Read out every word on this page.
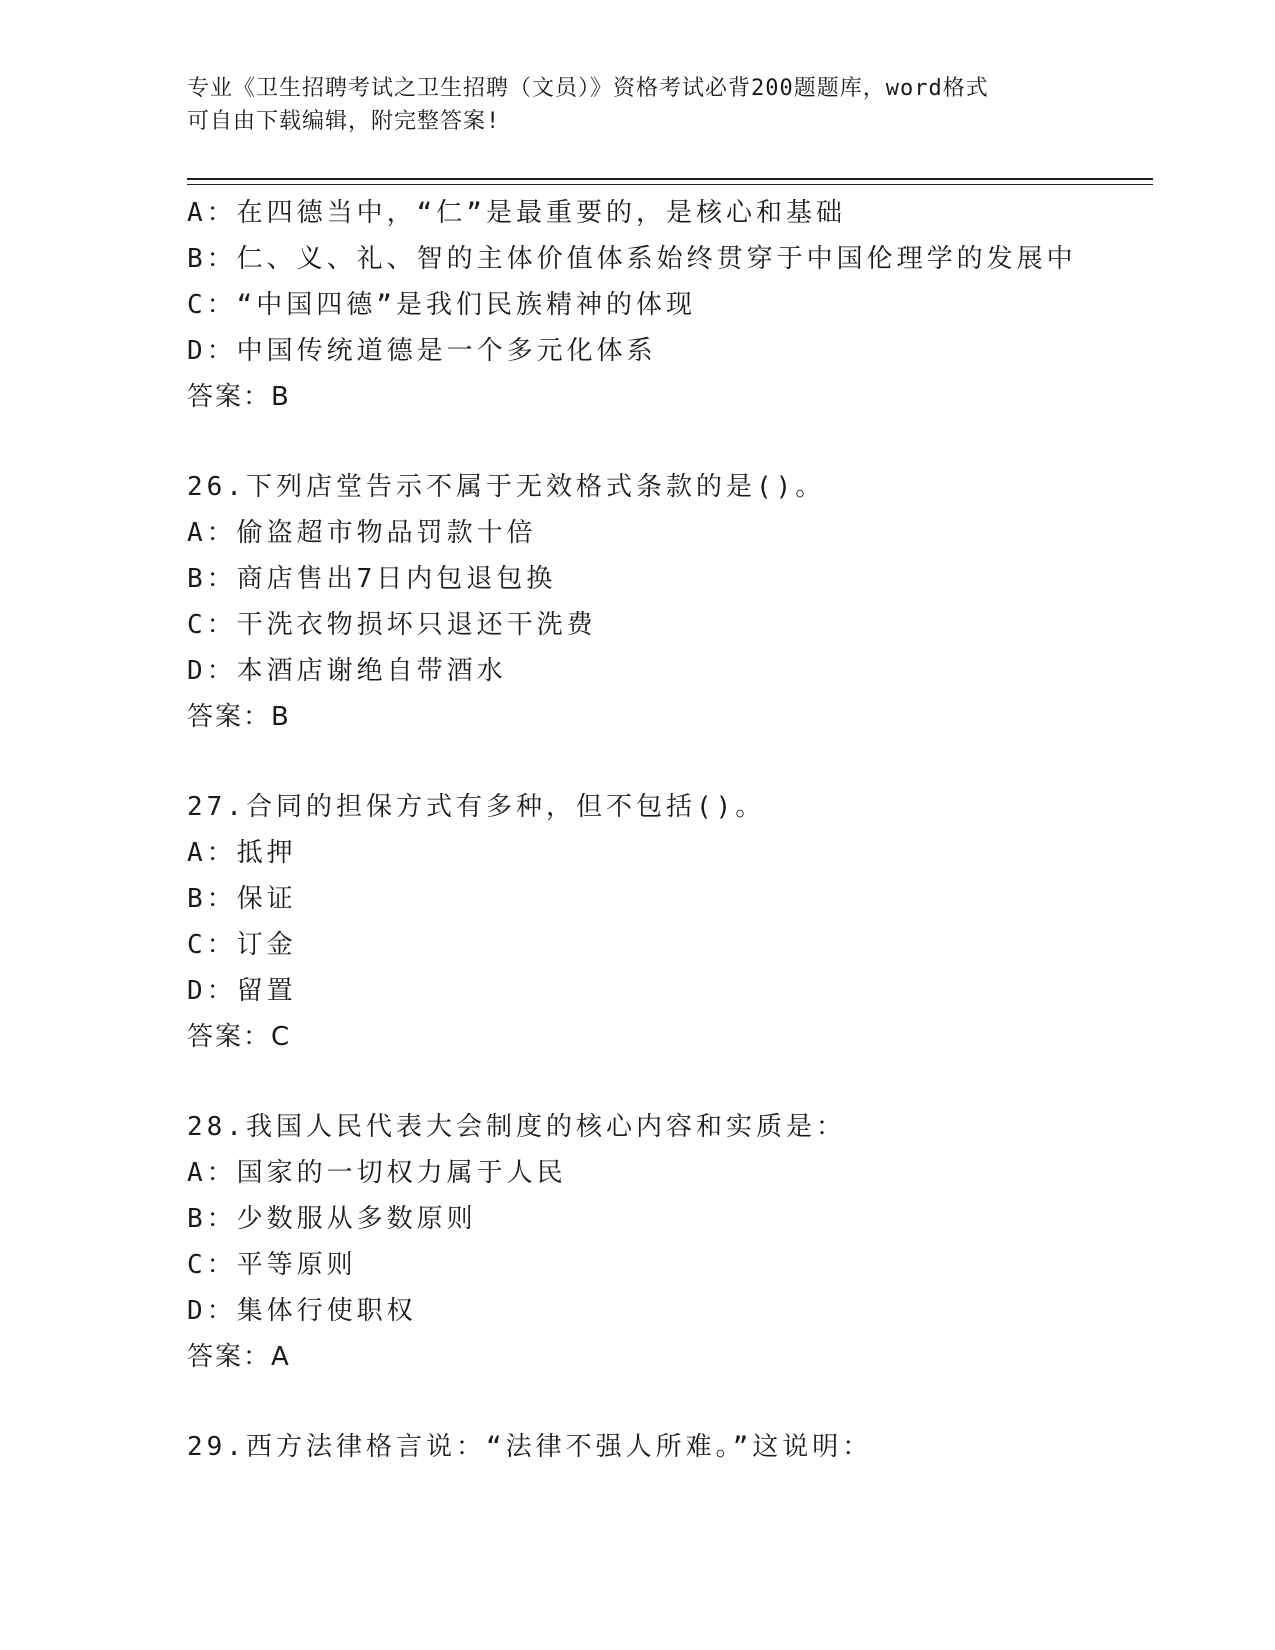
专业《卫生招聘考试之卫生招聘（文员）》资格考试必背200题题库，word格式

可自由下载编辑，附完整答案!

A：在四德当中，“仁”是最重要的，是核心和基础
B：仁、义、礼、智的主体价值体系始终贯穿于中国伦理学的发展中
C：“中国四德”是我们民族精神的体现
D：中国传统道德是一个多元化体系
答案：B
26.下列店堂告示不属于无效格式条款的是()。
A：偷盗超市物品罚款十倍
B：商店售出7日内包退包换
C：干洗衣物损坏只退还干洗费
D：本酒店谢绝自带酒水
答案：B
27.合同的担保方式有多种，但不包括()。
A：抵押
B：保证
C：订金
D：留置
答案：C
28.我国人民代表大会制度的核心内容和实质是：
A：国家的一切权力属于人民
B：少数服从多数原则
C：平等原则
D：集体行使职权
答案：A
29.西方法律格言说：“法律不强人所难。”这说明：
